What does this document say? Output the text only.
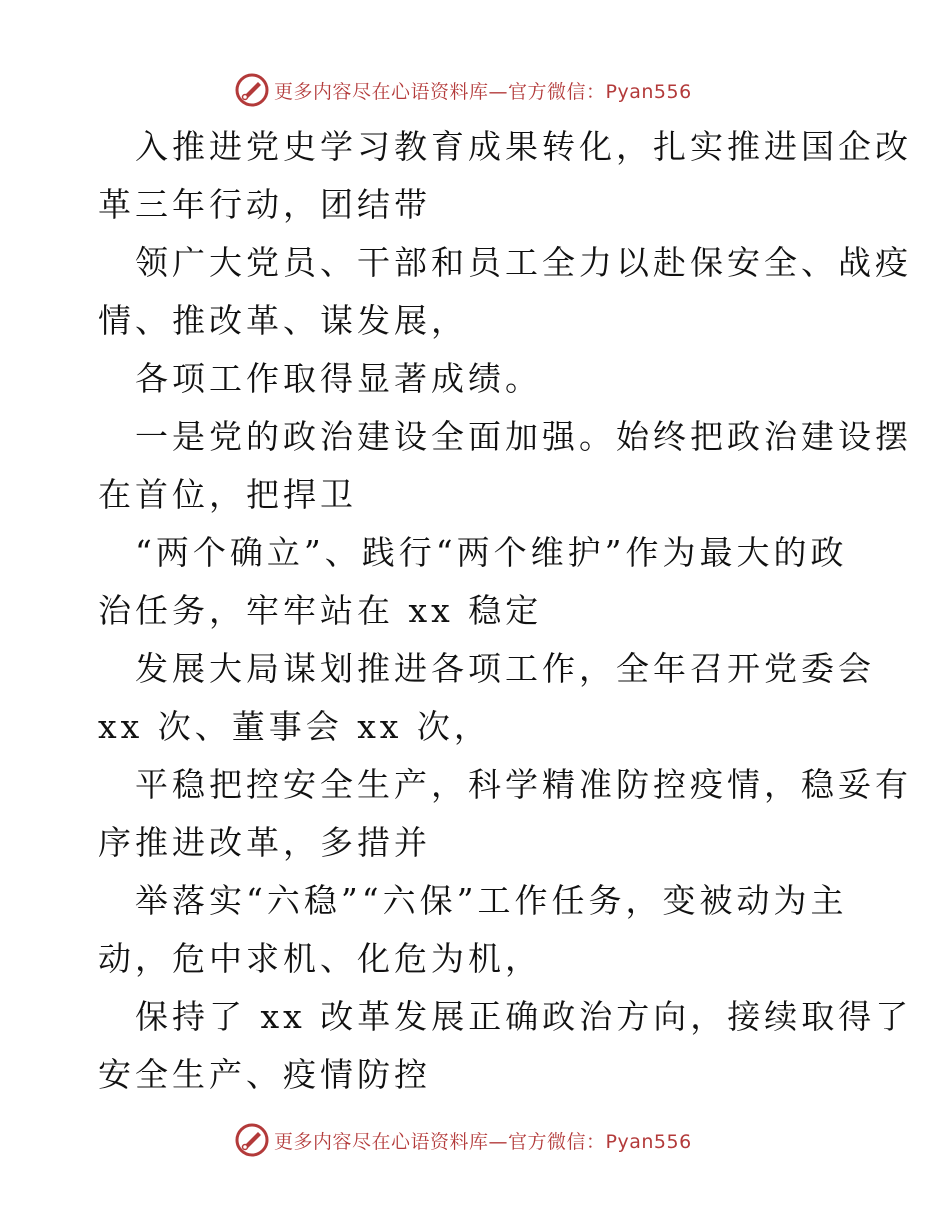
更多内容尽在心语资料库—官方微信：Pyan556
入推进党史学习教育成果转化，扎实推进国企改
革三年行动，团结带
领广大党员、干部和员工全力以赴保安全、战疫
情、推改革、谋发展，
各项工作取得显著成绩。
一是党的政治建设全面加强。始终把政治建设摆
在首位，把捍卫
“两个确立”、践行“两个维护”作为最大的政
治任务，牢牢站在 xx 稳定
发展大局谋划推进各项工作，全年召开党委会
xx 次、董事会 xx 次，
平稳把控安全生产，科学精准防控疫情，稳妥有
序推进改革，多措并
举落实“六稳”“六保”工作任务，变被动为主
动，危中求机、化危为机，
保持了 xx 改革发展正确政治方向，接续取得了
安全生产、疫情防控
更多内容尽在心语资料库—官方微信：Pyan556
